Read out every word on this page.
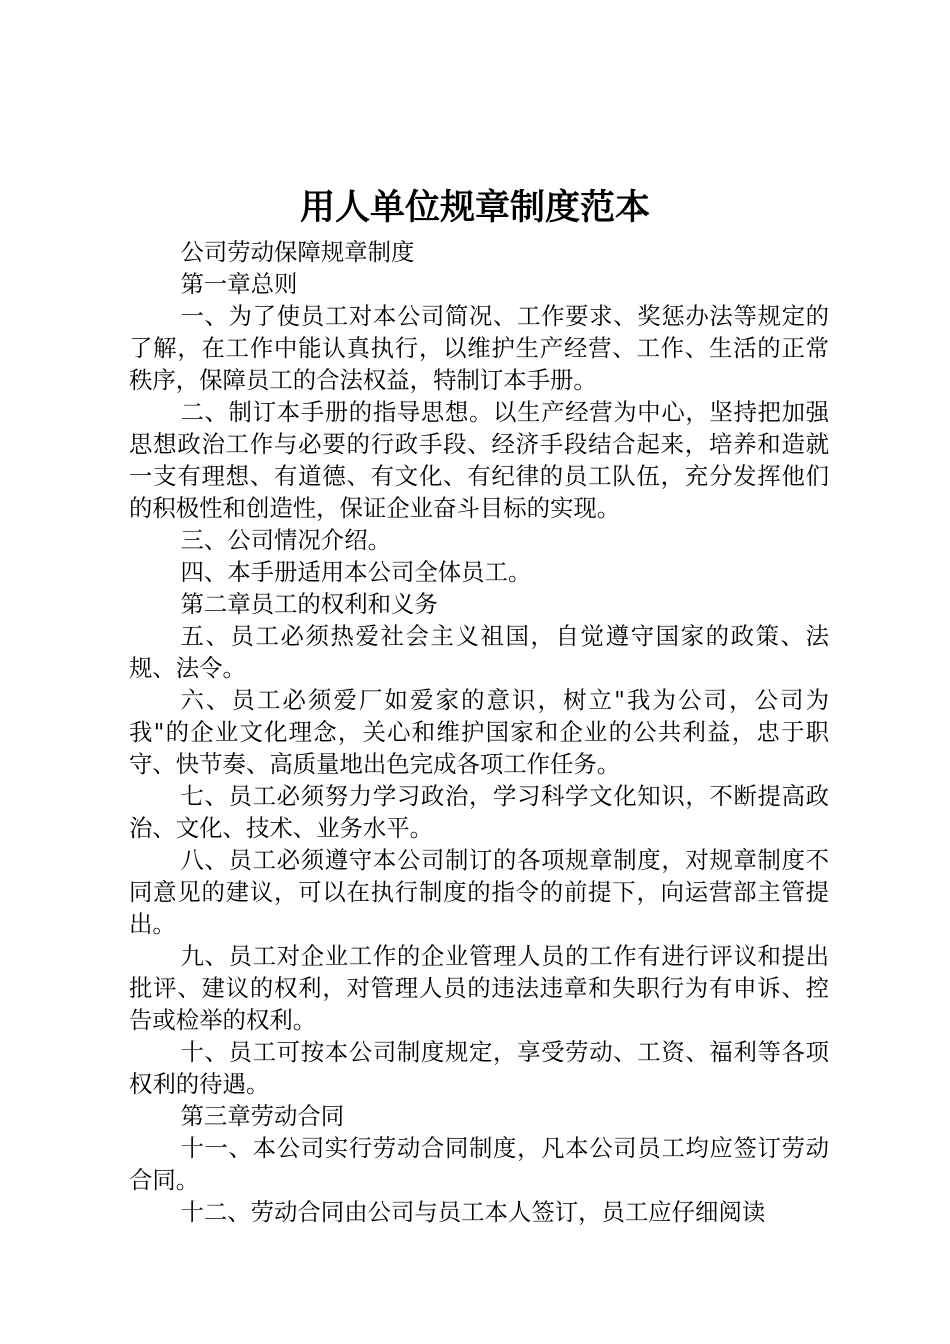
用人单位规章制度范本

公司劳动保障规章制度

第一章总则

一、为了使员工对本公司简况、工作要求、奖惩办法等规定的了解，在工作中能认真执行，以维护生产经营、工作、生活的正常秩序，保障员工的合法权益，特制订本手册。

二、制订本手册的指导思想。以生产经营为中心，坚持把加强思想政治工作与必要的行政手段、经济手段结合起来，培养和造就一支有理想、有道德、有文化、有纪律的员工队伍，充分发挥他们的积极性和创造性，保证企业奋斗目标的实现。

三、公司情况介绍。

四、本手册适用本公司全体员工。

第二章员工的权利和义务

五、员工必须热爱社会主义祖国，自觉遵守国家的政策、法规、法令。

六、员工必须爱厂如爱家的意识，树立"我为公司，公司为我"的企业文化理念，关心和维护国家和企业的公共利益，忠于职守、快节奏、高质量地出色完成各项工作任务。

七、员工必须努力学习政治，学习科学文化知识，不断提高政治、文化、技术、业务水平。

八、员工必须遵守本公司制订的各项规章制度，对规章制度不同意见的建议，可以在执行制度的指令的前提下，向运营部主管提出。

九、员工对企业工作的企业管理人员的工作有进行评议和提出批评、建议的权利，对管理人员的违法违章和失职行为有申诉、控告或检举的权利。

十、员工可按本公司制度规定，享受劳动、工资、福利等各项权利的待遇。

第三章劳动合同

十一、本公司实行劳动合同制度，凡本公司员工均应签订劳动合同。

十二、劳动合同由公司与员工本人签订，员工应仔细阅读
